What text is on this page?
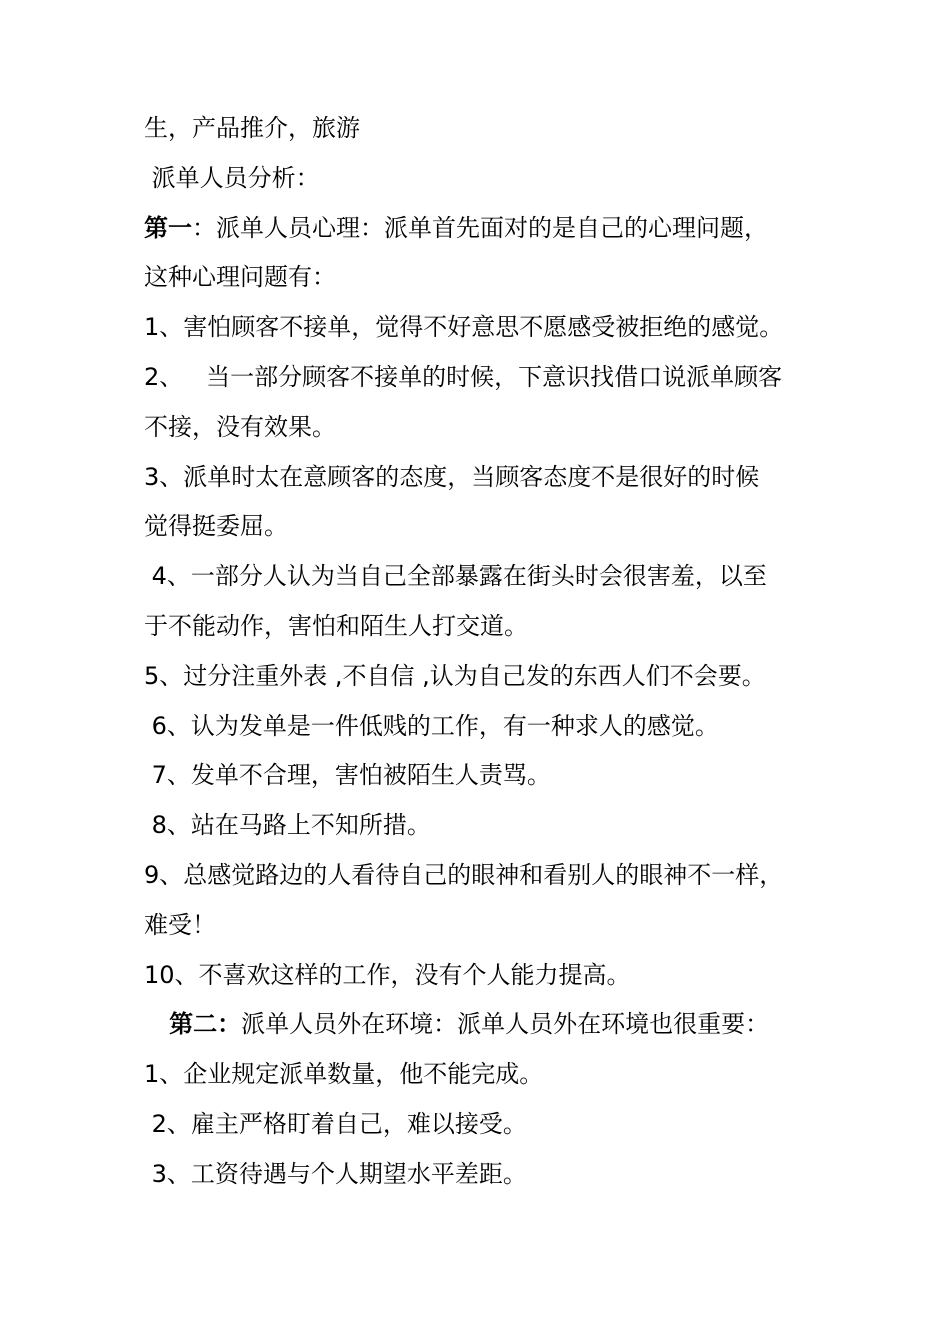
生，产品推介，旅游
派单人员分析：
第一：派单人员心理：派单首先面对的是自己的心理问题，
这种心理问题有：
1、害怕顾客不接单，觉得不好意思不愿感受被拒绝的感觉。
2、   当一部分顾客不接单的时候，下意识找借口说派单顾客
不接，没有效果。
3、派单时太在意顾客的态度，当顾客态度不是很好的时候
觉得挺委屈。
4、一部分人认为当自己全部暴露在街头时会很害羞，以至
于不能动作，害怕和陌生人打交道。
5、过分注重外表 ,不自信 ,认为自己发的东西人们不会要。
6、认为发单是一件低贱的工作，有一种求人的感觉。
7、发单不合理，害怕被陌生人责骂。
8、站在马路上不知所措。
9、总感觉路边的人看待自己的眼神和看别人的眼神不一样，
难受！
10、不喜欢这样的工作，没有个人能力提高。
第二：派单人员外在环境：派单人员外在环境也很重要：
1、企业规定派单数量，他不能完成。
2、雇主严格盯着自己，难以接受。
3、工资待遇与个人期望水平差距。
